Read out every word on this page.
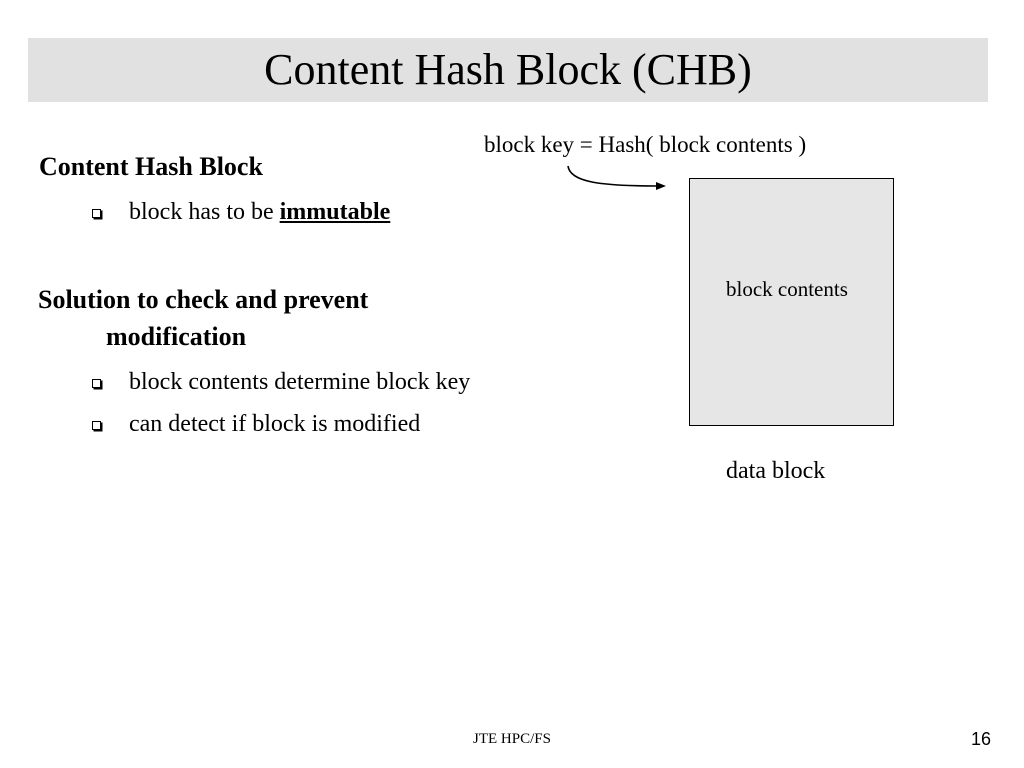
Content Hash Block (CHB)
Content Hash Block
block has to be immutable
Solution to check and prevent
modification
block contents determine block key
can detect if block is modified
block key = Hash( block contents )
block contents
data block
JTE HPC/FS	16
